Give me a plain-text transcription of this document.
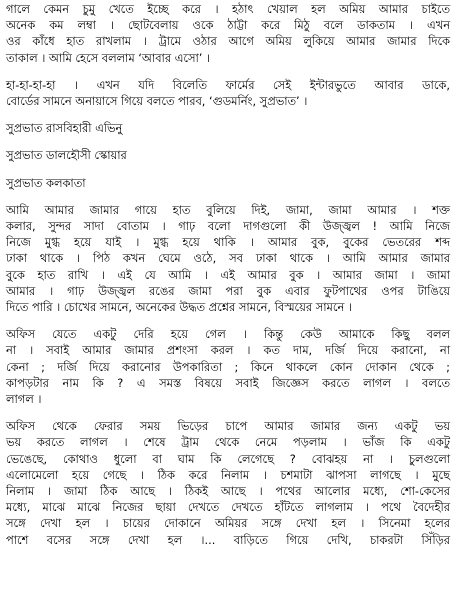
গালে কেমন চুমু খেতে ইচ্ছে করে । হঠাৎ খেয়াল হল অমিয় আমার চাইতে
অনেক কম লম্বা । ছোটবেলায় ওকে ঠাট্টা করে মিঠু বলে ডাকতাম । এখন
ওর কাঁধে হাত রাখলাম । ট্রামে ওঠার আগে অমিয় লুকিয়ে আমার জামার দিকে
তাকাল । আমি হেসে বললাম ‘আবার এসো’ ।
হা-হা-হা-হা । এখন যদি বিলেতি ফার্মের সেই ইন্টারভুতে আবার ডাকে,
বোর্ডের সামনে অনায়াসে গিয়ে বলতে পারব, ‘গুডমর্নিং, সুপ্রভাত’ ।
সুপ্রভাত রাসবিহারী এভিনু
সুপ্রভাত ডালহৌসী স্কোয়ার
সুপ্রভাত কলকাতা
আমি আমার জামার গায়ে হাত বুলিয়ে দিই, জামা, জামা আমার । শক্ত
কলার, সুন্দর সাদা বোতাম । গাঢ় বলো দাগগুলো কী উজ্জ্বল ! আমি নিজে
নিজে মুগ্ধ হয়ে যাই । মুগ্ধ হয়ে থাকি । আমার বুক, বুকের ভেতরের শব্দ
ঢাকা থাকে । পিঠ কখন ঘেমে ওঠে, সব ঢাকা থাকে । আমি আমার জামার
বুকে হাত রাখি । এই যে আমি । এই আমার বুক । আমার জামা । জামা
আমার । গাঢ় উজ্জ্বল রঙের জামা পরা বুক এবার ফুটপাথের ওপর টাঙিয়ে
দিতে পারি । চোখের সামনে, অনেকের উদ্ধত প্রশ্নের সামনে, বিস্ময়ের সামনে ।
অফিস যেতে একটু দেরি হয়ে গেল । কিন্তু কেউ আমাকে কিছু বলল
না । সবাই আমার জামার প্রশংসা করল । কত দাম, দর্জি দিয়ে করানো, না
কেনা ; দর্জি দিয়ে করানোর উপকারিতা ; কিনে থাকলে কোন দোকান থেকে ;
কাপড়টার নাম কি ? এ সমস্ত বিষয়ে সবাই জিজ্ঞেস করতে লাগল । বলতে
লাগল ।
অফিস থেকে ফেরার সময় ভিড়ের চাপে আমার জামার জন্য একটু ভয়
ভয় করতে লাগল । শেষে ট্রাম থেকে নেমে পড়লাম । ভাঁজ কি একটু
ভেঙেছে, কোথাও ধুলো বা ঘাম কি লেগেছে ? বোঝহয় না । চুলগুলো
এলোমেলো হয়ে গেছে । ঠিক করে নিলাম । চশমাটা ঝাপসা লাগছে । মুছে
নিলাম । জামা ঠিক আছে । ঠিকই আছে । পথের আলোর মধ্যে, শো-কেসের
মধ্যে, মাঝে মাঝে নিজের ছায়া দেখতে দেখতে হাঁটতে লাগলাম । পথে বৈদেহীর
সঙ্গে দেখা হল । চায়ের দোকানে অমিয়র সঙ্গে দেখা হল । সিনেমা হলের
পাশে বসের সঙ্গে দেখা হল ।... বাড়িতে গিয়ে দেখি, চাকরটা সিঁড়ির
